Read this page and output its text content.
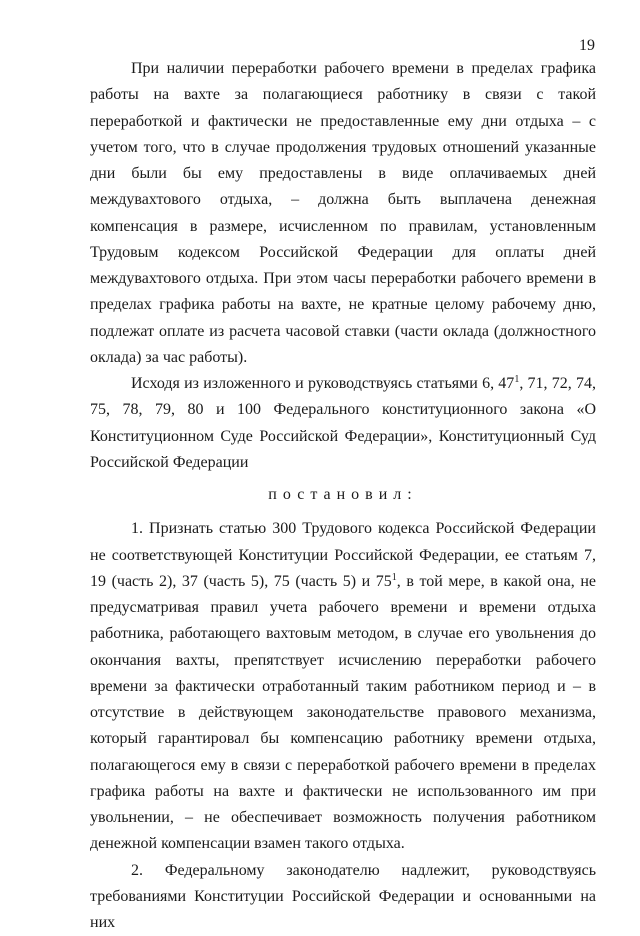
19

При наличии переработки рабочего времени в пределах графика работы на вахте за полагающиеся работнику в связи с такой переработкой и фактически не предоставленные ему дни отдыха – с учетом того, что в случае продолжения трудовых отношений указанные дни были бы ему предоставлены в виде оплачиваемых дней междувахтового отдыха, – должна быть выплачена денежная компенсация в размере, исчисленном по правилам, установленным Трудовым кодексом Российской Федерации для оплаты дней междувахтового отдыха. При этом часы переработки рабочего времени в пределах графика работы на вахте, не кратные целому рабочему дню, подлежат оплате из расчета часовой ставки (части оклада (должностного оклада) за час работы).

Исходя из изложенного и руководствуясь статьями 6, $47^1$, 71, 72, 74, 75, 78, 79, 80 и 100 Федерального конституционного закона «О Конституционном Суде Российской Федерации», Конституционный Суд Российской Федерации

постановил:

1. Признать статью 300 Трудового кодекса Российской Федерации не соответствующей Конституции Российской Федерации, ее статьям 7, 19 (часть 2), 37 (часть 5), 75 (часть 5) и $75^1$, в той мере, в какой она, не предусматривая правил учета рабочего времени и времени отдыха работника, работающего вахтовым методом, в случае его увольнения до окончания вахты, препятствует исчислению переработки рабочего времени за фактически отработанный таким работником период и – в отсутствие в действующем законодательстве правового механизма, который гарантировал бы компенсацию работнику времени отдыха, полагающегося ему в связи с переработкой рабочего времени в пределах графика работы на вахте и фактически не использованного им при увольнении, – не обеспечивает возможность получения работником денежной компенсации взамен такого отдыха.

2. Федеральному законодателю надлежит, руководствуясь требованиями Конституции Российской Федерации и основанными на них
